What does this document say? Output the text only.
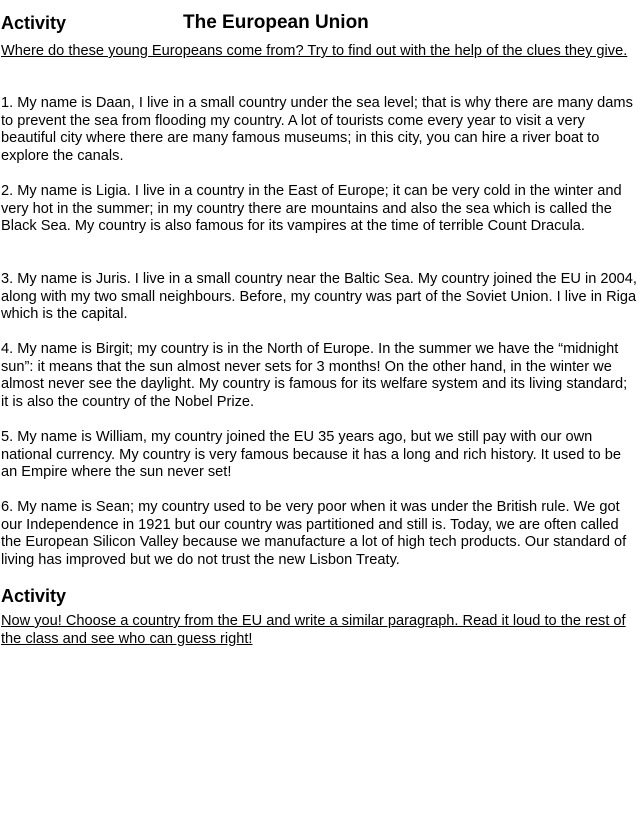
Activity	The European Union

Where do these young Europeans come from? Try to find out with the help of the clues they give.

1. My name is Daan, I live in a small country under the sea level; that is why there are many dams to prevent the sea from flooding my country. A lot of tourists come every year to visit a very beautiful city where there are many famous museums; in this city, you can hire a river boat to explore the canals.

2. My name is Ligia. I live in a country in the East of Europe; it can be very cold in the winter and very hot in the summer; in my country there are mountains and also the sea which is called the Black Sea. My country is also famous for its vampires at the time of terrible Count Dracula.

3. My name is Juris. I live in a small country near the Baltic Sea. My country joined the EU in 2004, along with my two small neighbours. Before, my country was part of the Soviet Union. I live in Riga which is the capital.

4. My name is Birgit; my country is in the North of Europe. In the summer we have the “midnight sun”: it means that the sun almost never sets for 3 months! On the other hand, in the winter we almost never see the daylight. My country is famous for its welfare system and its living standard; it is also the country of the Nobel Prize.

5. My name is William, my country joined the EU 35 years ago, but we still pay with our own national currency. My country is very famous because it has a long and rich history. It used to be an Empire where the sun never set!

6. My name is Sean; my country used to be very poor when it was under the British rule. We got our Independence in 1921 but our country was partitioned and still is. Today, we are often called the European Silicon Valley because we manufacture a lot of high tech products. Our standard of living has improved but we do not trust the new Lisbon Treaty.

Activity

Now you! Choose a country from the EU and write a similar paragraph. Read it loud to the rest of the class and see who can guess right!
